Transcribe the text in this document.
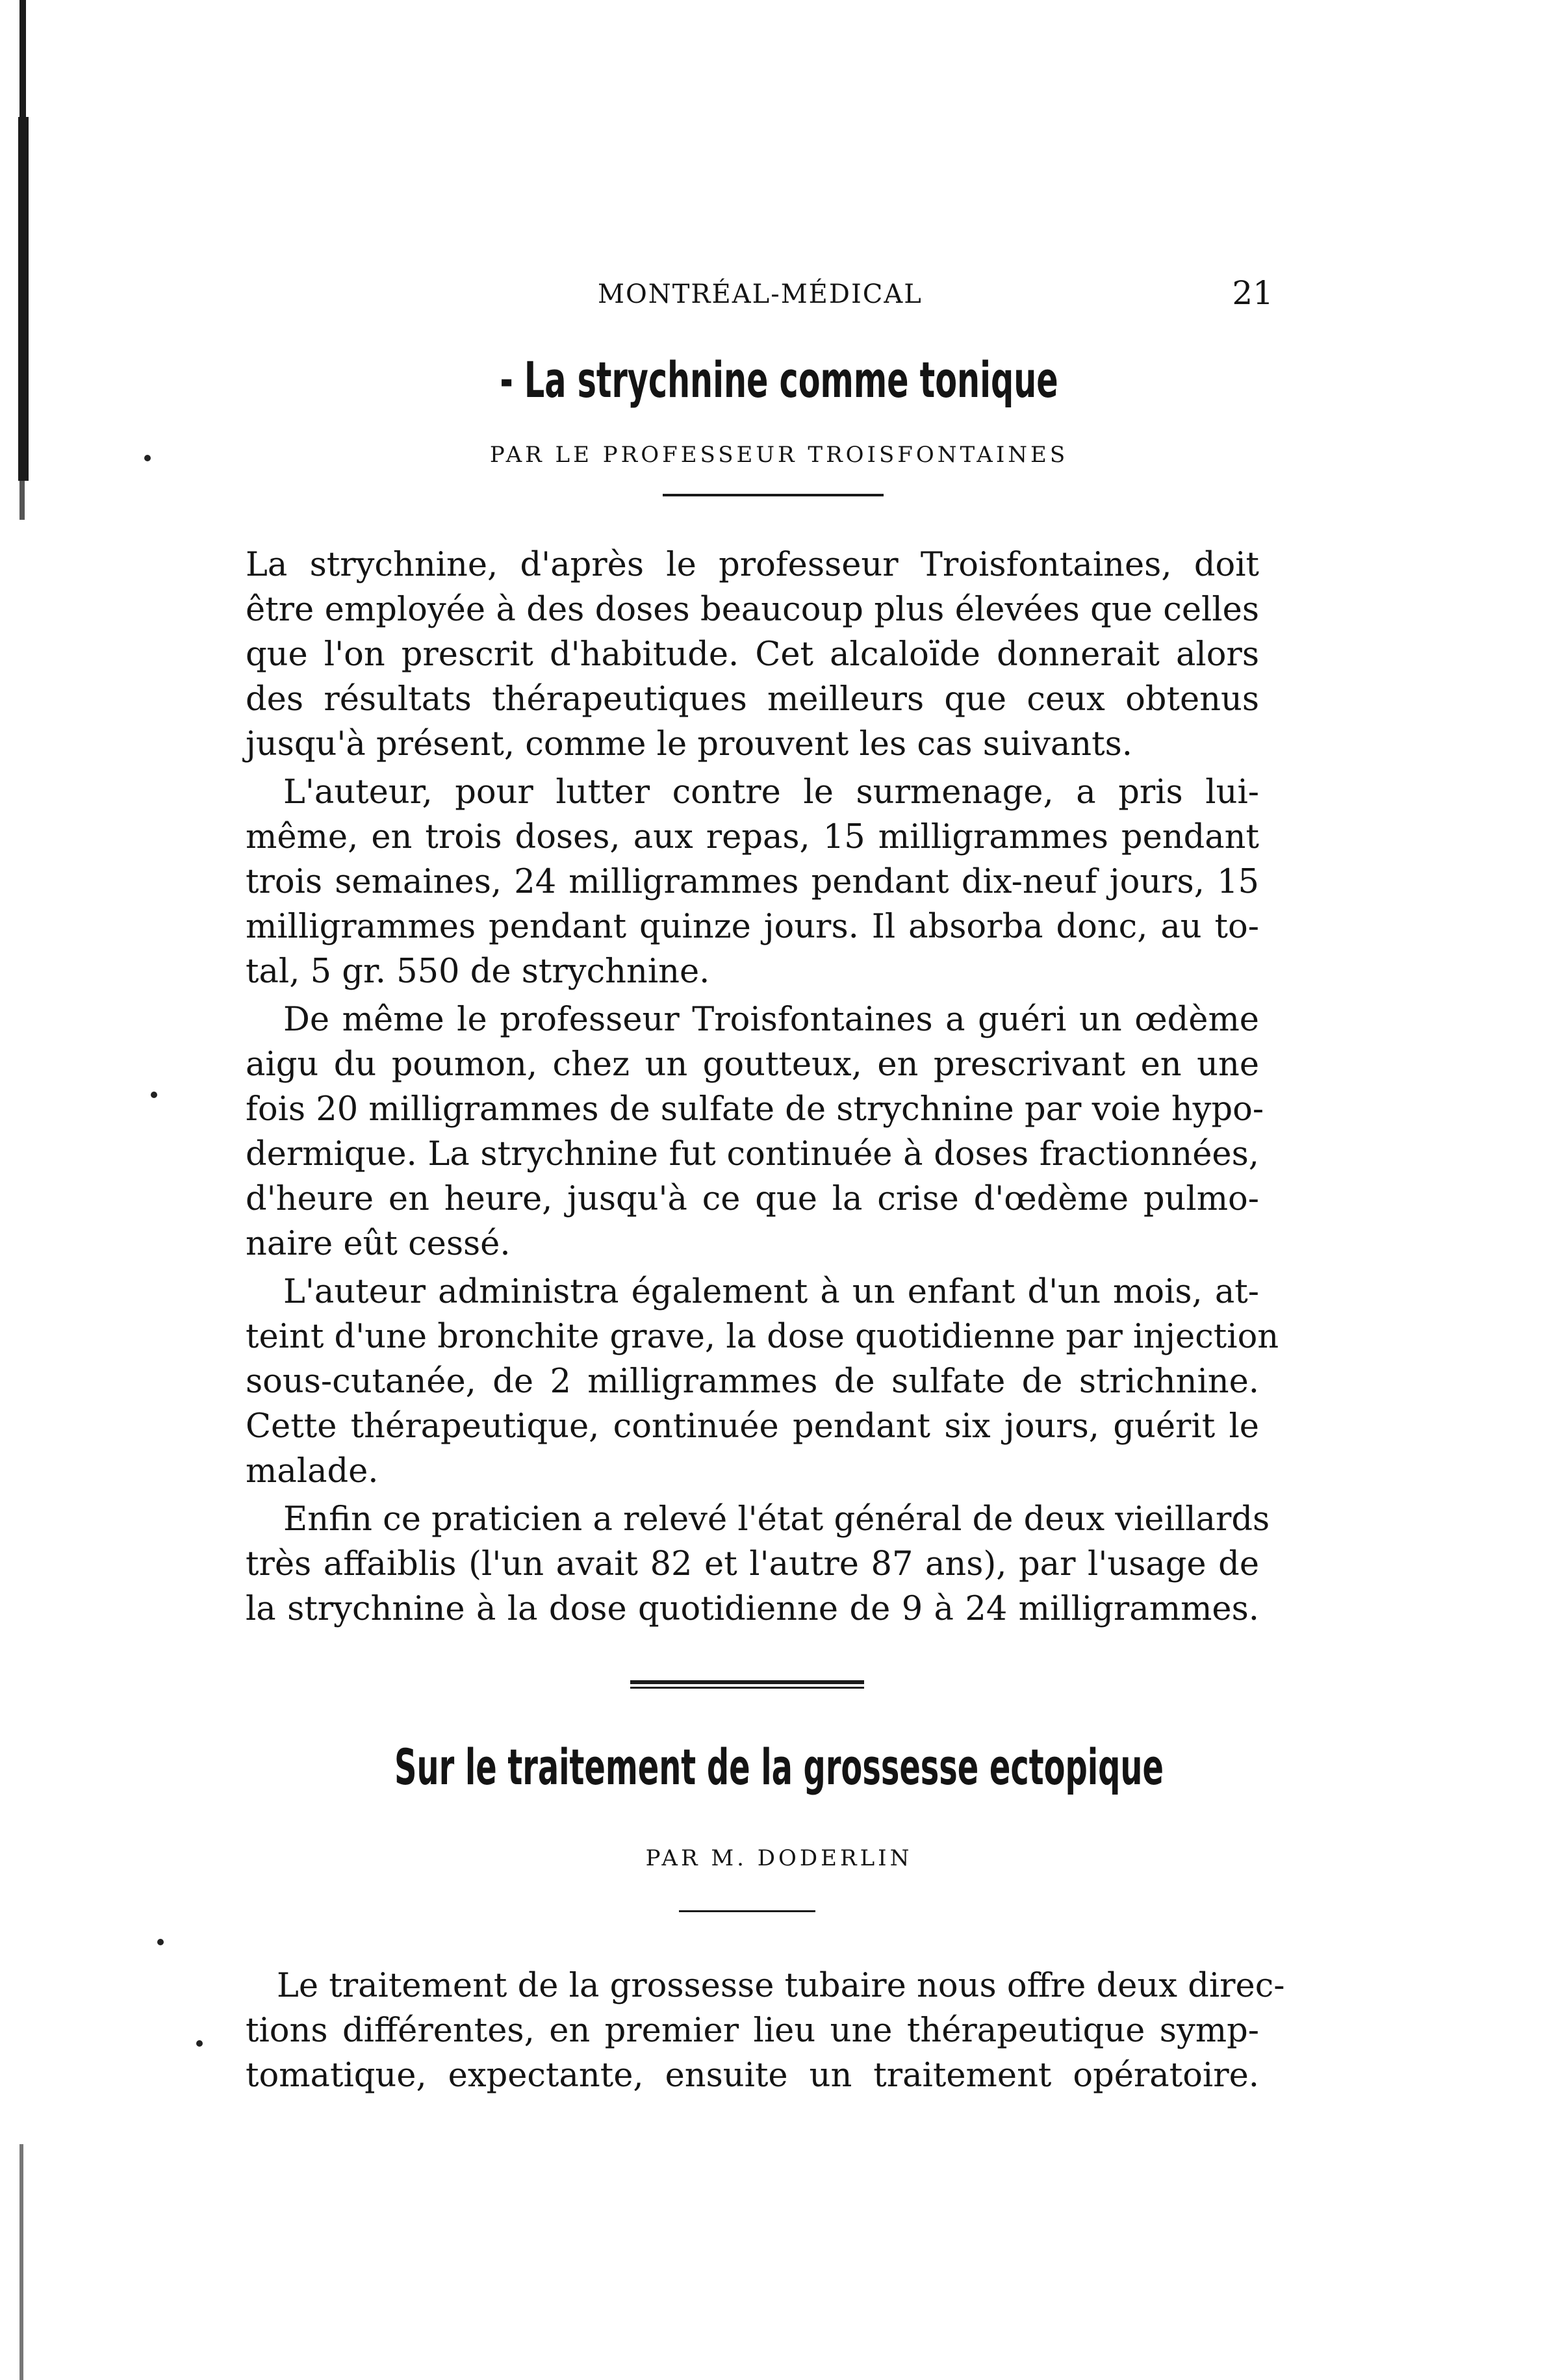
MONTRÉAL-MÉDICAL	21
- La strychnine comme tonique
PAR LE PROFESSEUR TROISFONTAINES
La strychnine, d'après le professeur Troisfontaines, doit
être employée à des doses beaucoup plus élevées que celles
que l'on prescrit d'habitude. Cet alcaloïde donnerait alors
des résultats thérapeutiques meilleurs que ceux obtenus
jusqu'à présent, comme le prouvent les cas suivants.
L'auteur, pour lutter contre le surmenage, a pris lui-
même, en trois doses, aux repas, 15 milligrammes pendant
trois semaines, 24 milligrammes pendant dix-neuf jours, 15
milligrammes pendant quinze jours. Il absorba donc, au to-
tal, 5 gr. 550 de strychnine.
De même le professeur Troisfontaines a guéri un œdème
aigu du poumon, chez un goutteux, en prescrivant en une
fois 20 milligrammes de sulfate de strychnine par voie hypo-
dermique. La strychnine fut continuée à doses fractionnées,
d'heure en heure, jusqu'à ce que la crise d'œdème pulmo-
naire eût cessé.
L'auteur administra également à un enfant d'un mois, at-
teint d'une bronchite grave, la dose quotidienne par injection
sous-cutanée, de 2 milligrammes de sulfate de strichnine.
Cette thérapeutique, continuée pendant six jours, guérit le
malade.
Enfin ce praticien a relevé l'état général de deux vieillards
très affaiblis (l'un avait 82 et l'autre 87 ans), par l'usage de
la strychnine à la dose quotidienne de 9 à 24 milligrammes.
Sur le traitement de la grossesse ectopique
PAR M. DODERLIN
Le traitement de la grossesse tubaire nous offre deux direc-
tions différentes, en premier lieu une thérapeutique symp-
tomatique, expectante, ensuite un traitement opératoire.
